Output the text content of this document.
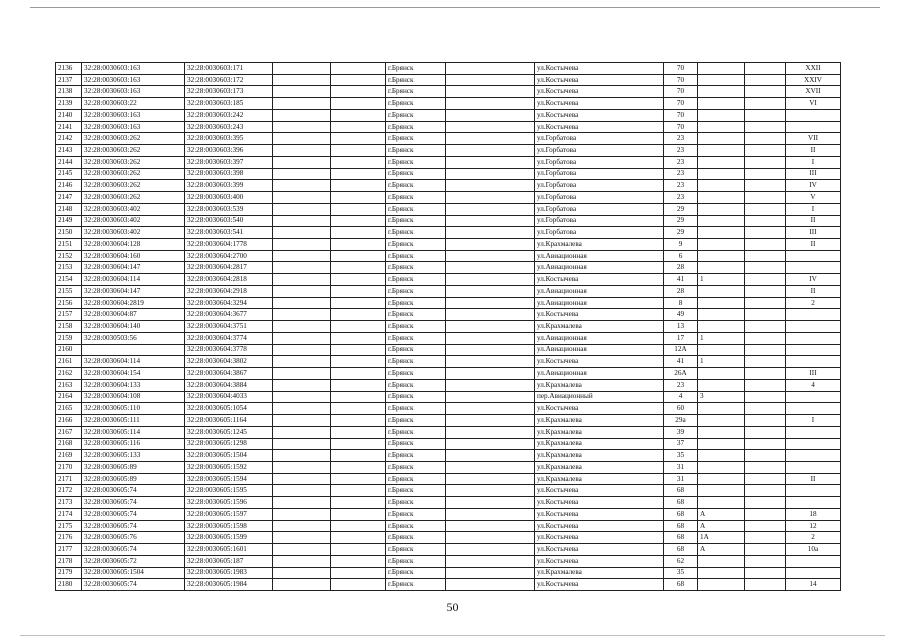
2136	32:28:0030603:163	32:28:0030603:171			г.Брянск		ул.Костычева	70			XXII
2137	32:28:0030603:163	32:28:0030603:172			г.Брянск		ул.Костычева	70			XXIV
2138	32:28:0030603:163	32:28:0030603:173			г.Брянск		ул.Костычева	70			XVII
2139	32:28:0030603:22	32:28:0030603:185			г.Брянск		ул.Костычева	70			VI
2140	32:28:0030603:163	32:28:0030603:242			г.Брянск		ул.Костычева	70			
2141	32:28:0030603:163	32:28:0030603:243			г.Брянск		ул.Костычева	70			
2142	32:28:0030603:262	32:28:0030603:395			г.Брянск		ул.Горбатова	23			VII
2143	32:28:0030603:262	32:28:0030603:396			г.Брянск		ул.Горбатова	23			II
2144	32:28:0030603:262	32:28:0030603:397			г.Брянск		ул.Горбатова	23			I
2145	32:28:0030603:262	32:28:0030603:398			г.Брянск		ул.Горбатова	23			III
2146	32:28:0030603:262	32:28:0030603:399			г.Брянск		ул.Горбатова	23			IV
2147	32:28:0030603:262	32:28:0030603:400			г.Брянск		ул.Горбатова	23			V
2148	32:28:0030603:402	32:28:0030603:539			г.Брянск		ул.Горбатова	29			I
2149	32:28:0030603:402	32:28:0030603:540			г.Брянск		ул.Горбатова	29			II
2150	32:28:0030603:402	32:28:0030603:541			г.Брянск		ул.Горбатова	29			III
2151	32:28:0030604:128	32:28:0030604:1778			г.Брянск		ул.Крахмалева	9			II
2152	32:28:0030604:160	32:28:0030604:2700			г.Брянск		ул.Авиационная	6			
2153	32:28:0030604:147	32:28:0030604:2817			г.Брянск		ул.Авиационная	28			
2154	32:28:0030604:114	32:28:0030604:2818			г.Брянск		ул.Костычева	41	1		IV
2155	32:28:0030604:147	32:28:0030604:2918			г.Брянск		ул.Авиационная	28			II
2156	32:28:0030604:2819	32:28:0030604:3294			г.Брянск		ул.Авиационная	8			2
2157	32:28:0030604:87	32:28:0030604:3677			г.Брянск		ул.Костычева	49			
2158	32:28:0030604:140	32:28:0030604:3751			г.Брянск		ул.Крахмалева	13			
2159	32:28:0030503:56	32:28:0030604:3774			г.Брянск		ул.Авиационная	17	1		
2160		32:28:0030604:3778			г.Брянск		ул.Авиационная	12А			
2161	32:28:0030604:114	32:28:0030604:3802			г.Брянск		ул.Костычева	41	1		
2162	32:28:0030604:154	32:28:0030604:3867			г.Брянск		ул.Авиационная	26А			III
2163	32:28:0030604:133	32:28:0030604:3884			г.Брянск		ул.Крахмалева	23			4
2164	32:28:0030604:108	32:28:0030604:4033			г.Брянск		пер.Авиационный	4	3		
2165	32:28:0030605:110	32:28:0030605:1054			г.Брянск		ул.Костычева	60			
2166	32:28:0030605:111	32:28:0030605:1164			г.Брянск		ул.Крахмалева	29а			I
2167	32:28:0030605:114	32:28:0030605:1245			г.Брянск		ул.Крахмалева	39			
2168	32:28:0030605:116	32:28:0030605:1298			г.Брянск		ул.Крахмалева	37			
2169	32:28:0030605:133	32:28:0030605:1504			г.Брянск		ул.Крахмалева	35			
2170	32:28:0030605:89	32:28:0030605:1592			г.Брянск		ул.Крахмалева	31			
2171	32:28:0030605:89	32:28:0030605:1594			г.Брянск		ул.Крахмалева	31			II
2172	32:28:0030605:74	32:28:0030605:1595			г.Брянск		ул.Костычева	68			
2173	32:28:0030605:74	32:28:0030605:1596			г.Брянск		ул.Костычева	68			
2174	32:28:0030605:74	32:28:0030605:1597			г.Брянск		ул.Костычева	68	А		18
2175	32:28:0030605:74	32:28:0030605:1598			г.Брянск		ул.Костычева	68	А		12
2176	32:28:0030605:76	32:28:0030605:1599			г.Брянск		ул.Костычева	68	1А		2
2177	32:28:0030605:74	32:28:0030605:1601			г.Брянск		ул.Костычева	68	А		10а
2178	32:28:0030605:72	32:28:0030605:187			г.Брянск		ул.Костычева	62			
2179	32:28:0030605:1504	32:28:0030605:1983			г.Брянск		ул.Крахмалева	35			
2180	32:28:0030605:74	32:28:0030605:1984			г.Брянск		ул.Костычева	68			14
50
